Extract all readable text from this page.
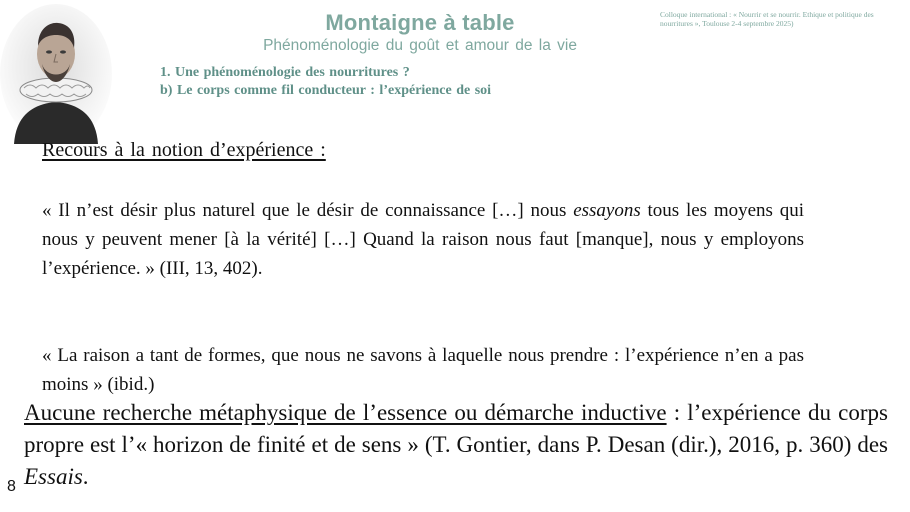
Montaigne à table
Phénoménologie du goût et amour de la vie
Colloque international : « Nourrir et se nourrir. Ethique et politique des nourritures », Toulouse 2-4 septembre 2025)
1. Une phénoménologie des nourritures ?
b) Le corps comme fil conducteur : l’expérience de soi
Recours à la notion d’expérience :
« Il n’est désir plus naturel que le désir de connaissance […] nous essayons tous les moyens qui nous y peuvent mener [à la vérité] […] Quand la raison nous faut [manque], nous y employons l’expérience. » (III, 13, 402).
« La raison a tant de formes, que nous ne savons à laquelle nous prendre : l’expérience n’en a pas moins » (ibid.)
Aucune recherche métaphysique de l’essence ou démarche inductive : l’expérience du corps propre est l’« horizon de finité et de sens » (T. Gontier, dans P. Desan (dir.), 2016, p. 360) des Essais.
8
